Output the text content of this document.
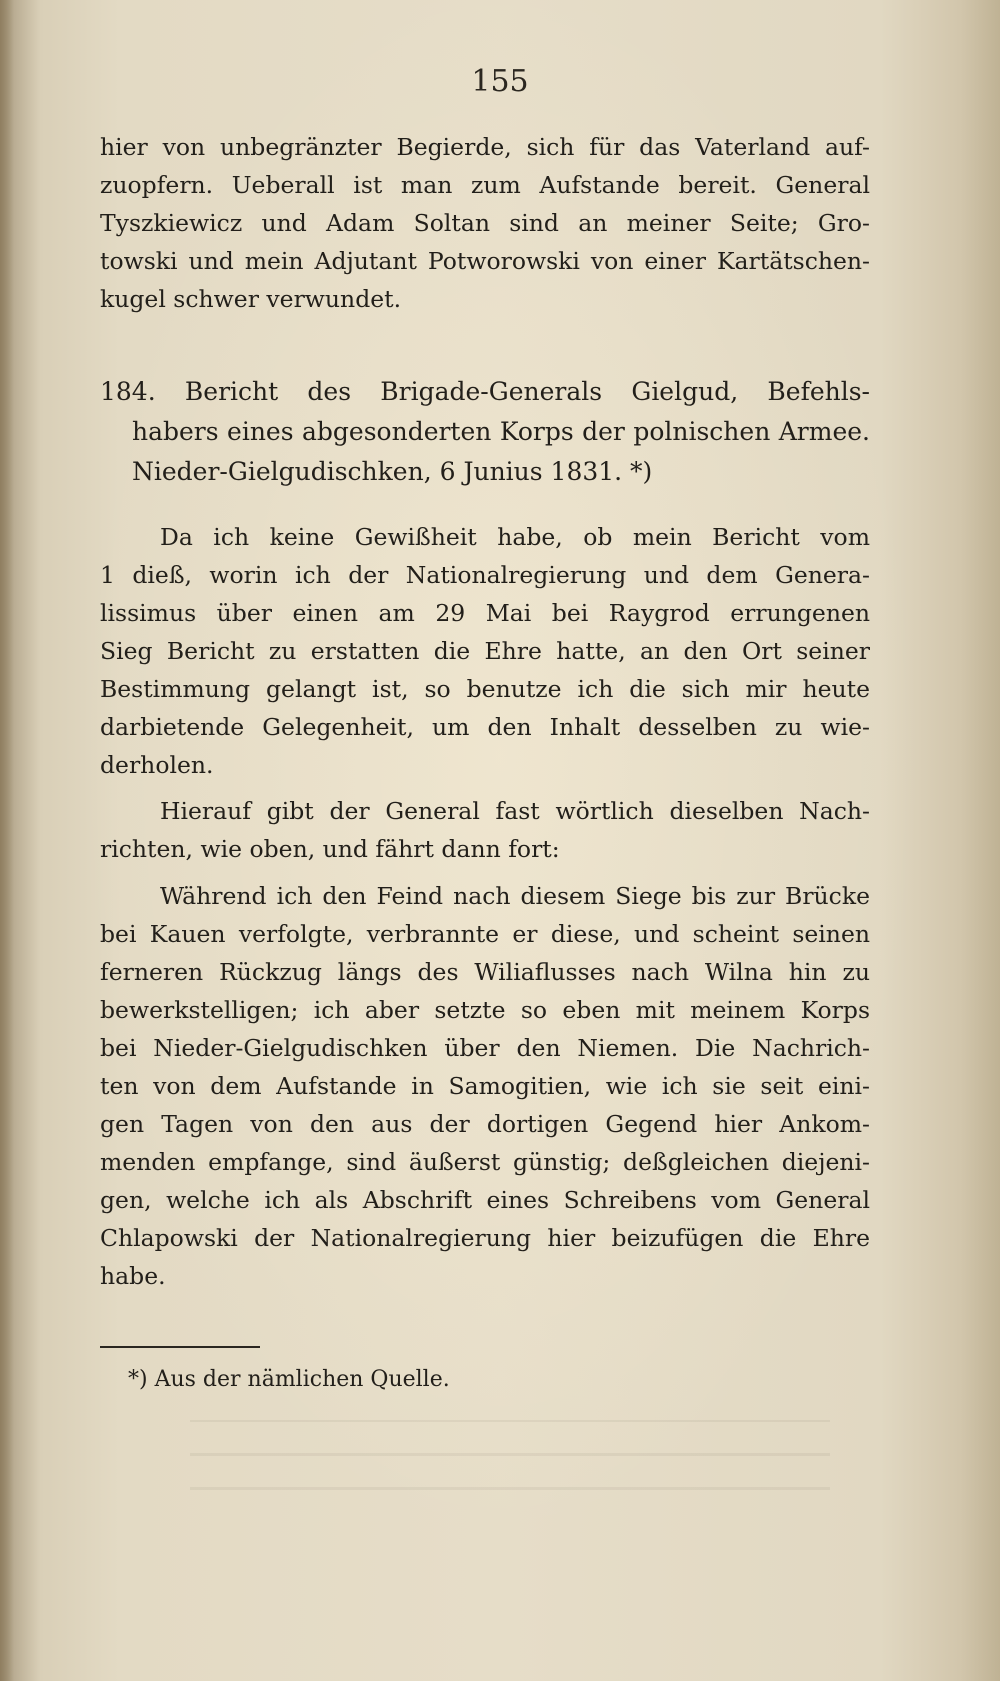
155
hier von unbegränzter Begierde, sich für das Vaterland auf-
zuopfern. Ueberall ist man zum Aufstande bereit. General
Tyszkiewicz und Adam Soltan sind an meiner Seite; Gro-
towski und mein Adjutant Potworowski von einer Kartätschen-
kugel schwer verwundet.
184. Bericht des Brigade-Generals Gielgud, Befehls-
habers eines abgesonderten Korps der polnischen Armee.
Nieder-Gielgudischken, 6 Junius 1831. *)
Da ich keine Gewißheit habe, ob mein Bericht vom
1 dieß, worin ich der Nationalregierung und dem Genera-
lissimus über einen am 29 Mai bei Raygrod errungenen
Sieg Bericht zu erstatten die Ehre hatte, an den Ort seiner
Bestimmung gelangt ist, so benutze ich die sich mir heute
darbietende Gelegenheit, um den Inhalt desselben zu wie-
derholen.
Hierauf gibt der General fast wörtlich dieselben Nach-
richten, wie oben, und fährt dann fort:
Während ich den Feind nach diesem Siege bis zur Brücke
bei Kauen verfolgte, verbrannte er diese, und scheint seinen
ferneren Rückzug längs des Wiliaflusses nach Wilna hin zu
bewerkstelligen; ich aber setzte so eben mit meinem Korps
bei Nieder-Gielgudischken über den Niemen. Die Nachrich-
ten von dem Aufstande in Samogitien, wie ich sie seit eini-
gen Tagen von den aus der dortigen Gegend hier Ankom-
menden empfange, sind äußerst günstig; deßgleichen diejeni-
gen, welche ich als Abschrift eines Schreibens vom General
Chlapowski der Nationalregierung hier beizufügen die Ehre
habe.
*) Aus der nämlichen Quelle.
